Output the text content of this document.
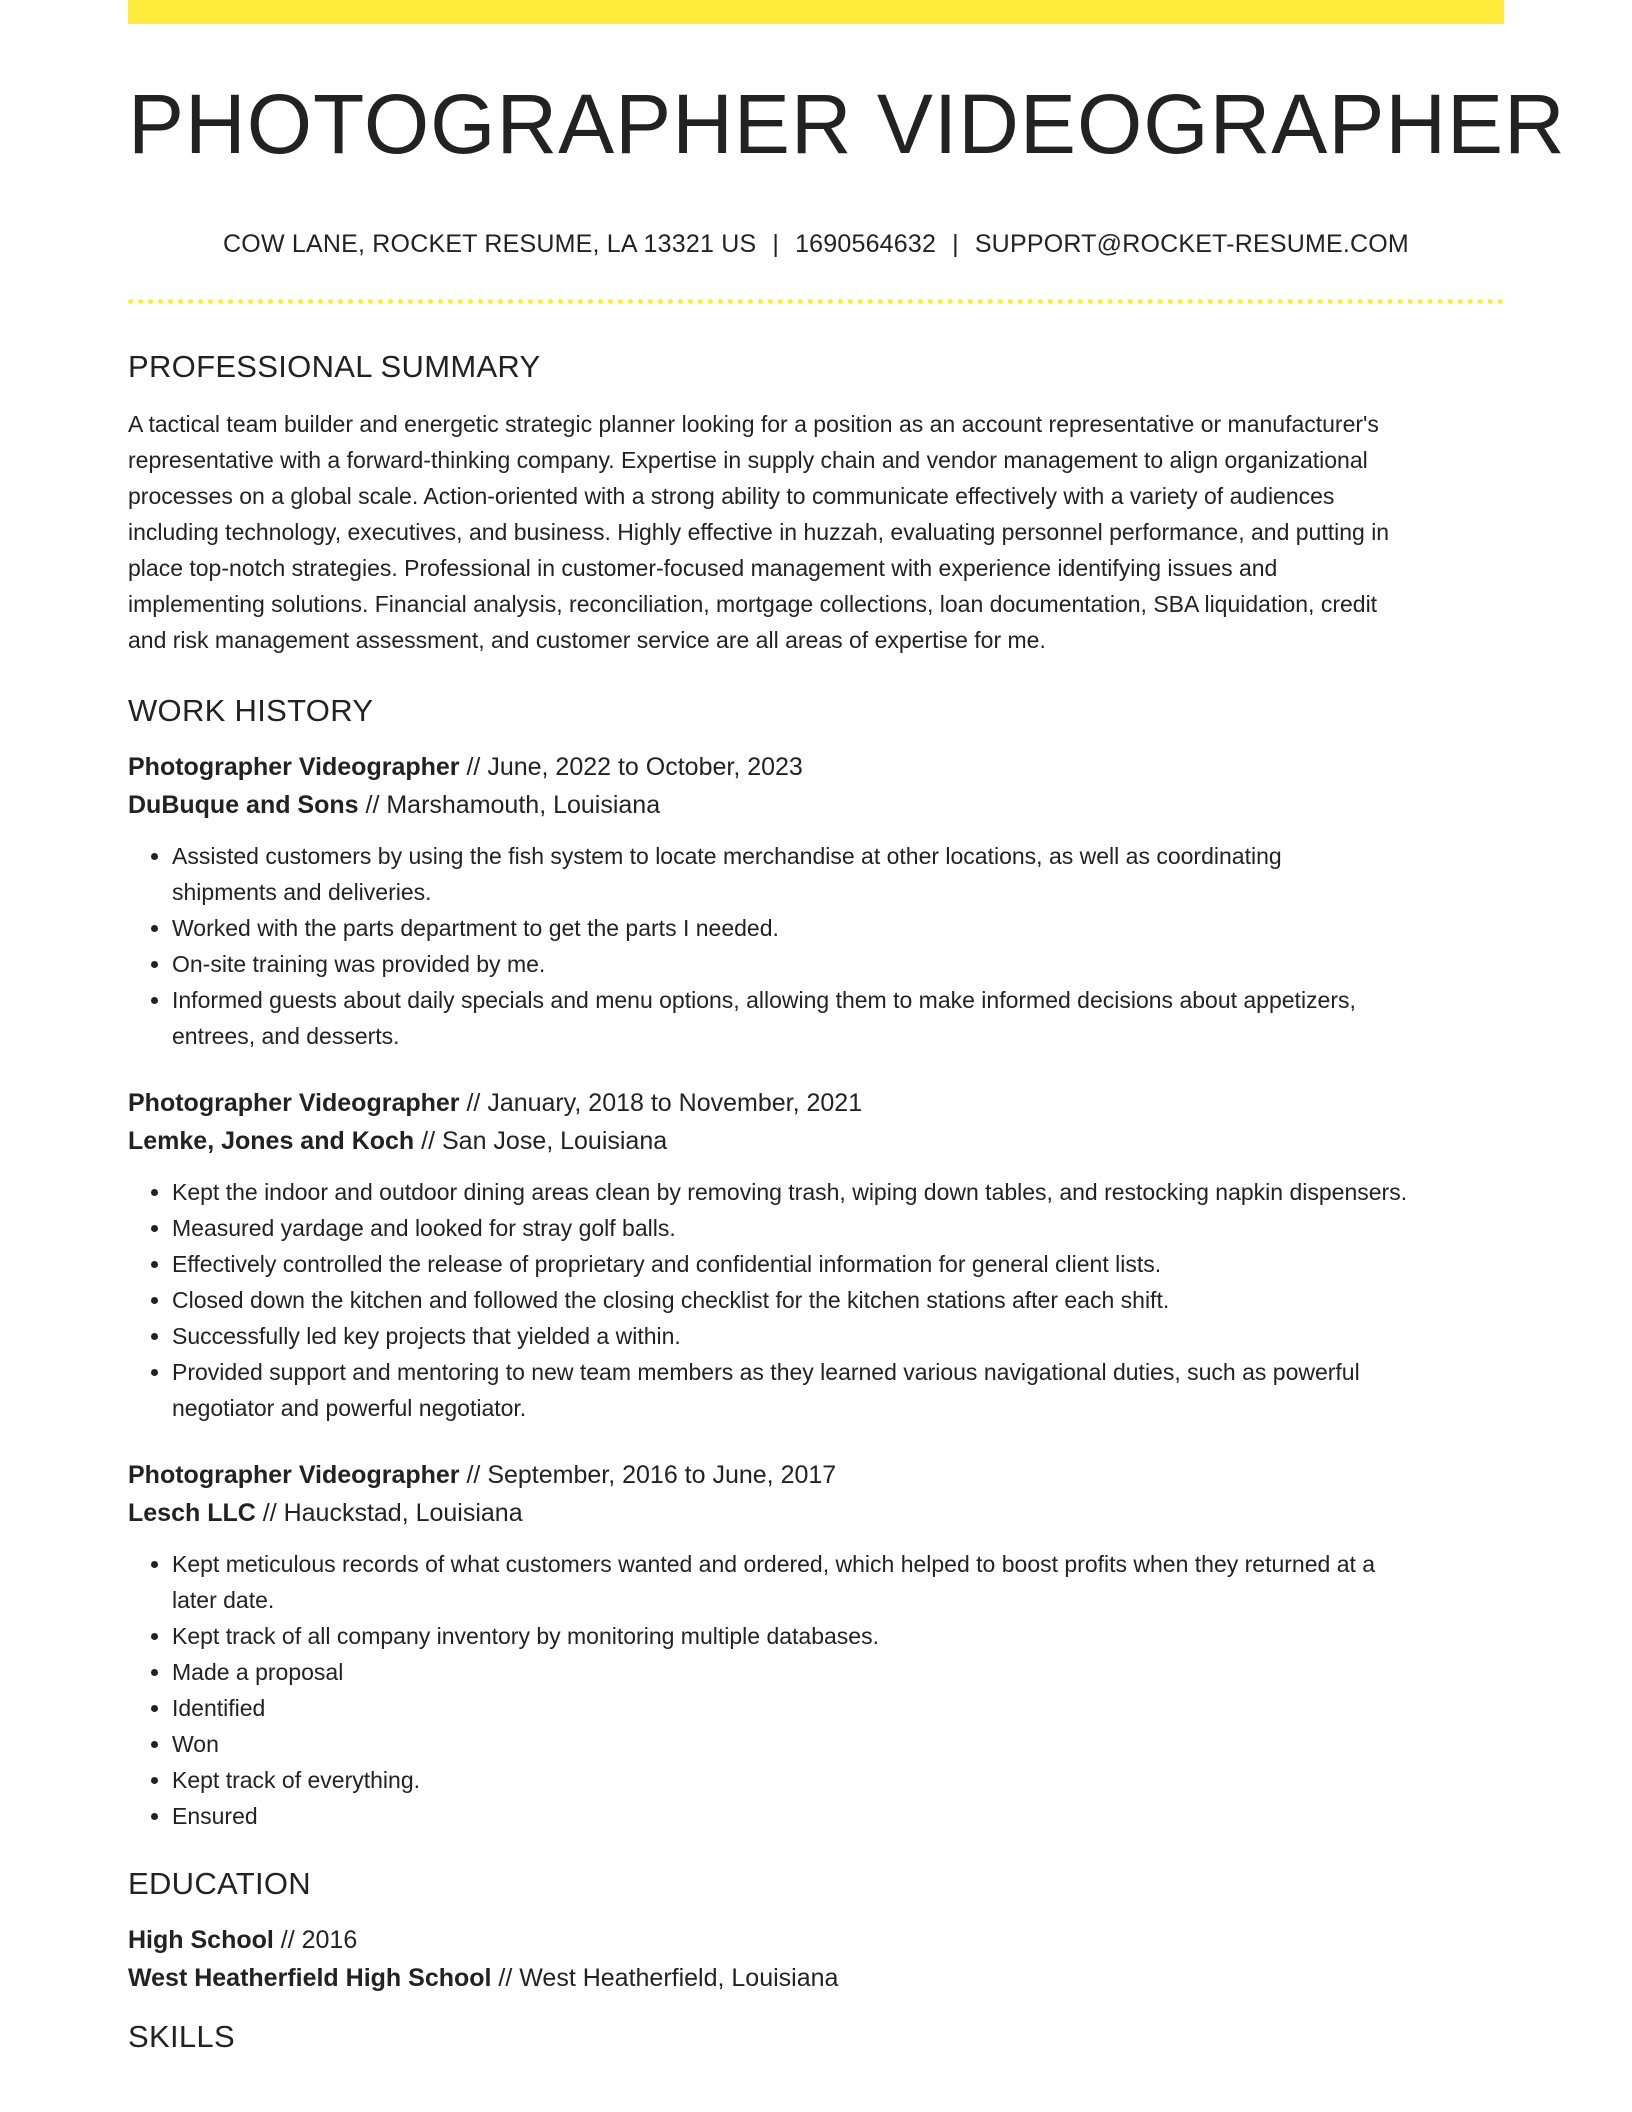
PHOTOGRAPHER VIDEOGRAPHER
COW LANE, ROCKET RESUME, LA 13321 US | 1690564632 | SUPPORT@ROCKET-RESUME.COM
PROFESSIONAL SUMMARY
A tactical team builder and energetic strategic planner looking for a position as an account representative or manufacturer's
representative with a forward-thinking company. Expertise in supply chain and vendor management to align organizational
processes on a global scale. Action-oriented with a strong ability to communicate effectively with a variety of audiences
including technology, executives, and business. Highly effective in huzzah, evaluating personnel performance, and putting in
place top-notch strategies. Professional in customer-focused management with experience identifying issues and
implementing solutions. Financial analysis, reconciliation, mortgage collections, loan documentation, SBA liquidation, credit
and risk management assessment, and customer service are all areas of expertise for me.
WORK HISTORY
Photographer Videographer // June, 2022 to October, 2023
DuBuque and Sons // Marshamouth, Louisiana
• Assisted customers by using the fish system to locate merchandise at other locations, as well as coordinating
shipments and deliveries.
• Worked with the parts department to get the parts I needed.
• On-site training was provided by me.
• Informed guests about daily specials and menu options, allowing them to make informed decisions about appetizers,
entrees, and desserts.
Photographer Videographer // January, 2018 to November, 2021
Lemke, Jones and Koch // San Jose, Louisiana
• Kept the indoor and outdoor dining areas clean by removing trash, wiping down tables, and restocking napkin dispensers.
• Measured yardage and looked for stray golf balls.
• Effectively controlled the release of proprietary and confidential information for general client lists.
• Closed down the kitchen and followed the closing checklist for the kitchen stations after each shift.
• Successfully led key projects that yielded a within.
• Provided support and mentoring to new team members as they learned various navigational duties, such as powerful
negotiator and powerful negotiator.
Photographer Videographer // September, 2016 to June, 2017
Lesch LLC // Hauckstad, Louisiana
• Kept meticulous records of what customers wanted and ordered, which helped to boost profits when they returned at a
later date.
• Kept track of all company inventory by monitoring multiple databases.
• Made a proposal
• Identified
• Won
• Kept track of everything.
• Ensured
EDUCATION
High School // 2016
West Heatherfield High School // West Heatherfield, Louisiana
SKILLS
